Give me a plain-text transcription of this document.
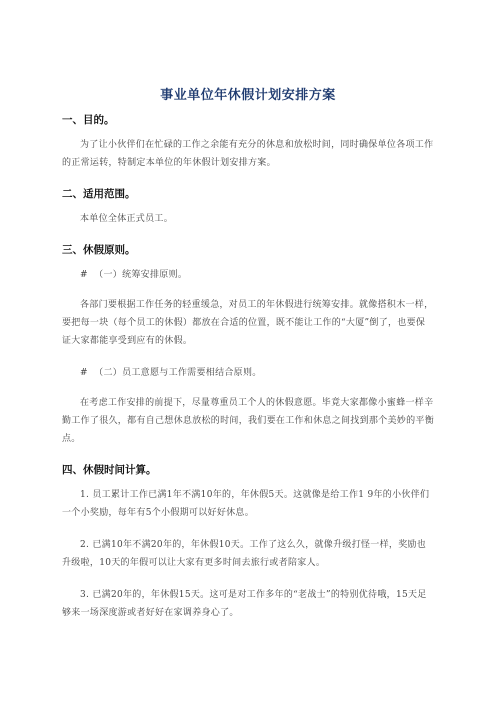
事业单位年休假计划安排方案
一、目的。
为了让小伙伴们在忙碌的工作之余能有充分的休息和放松时间，同时确保单位各项工作的正常运转，特制定本单位的年休假计划安排方案。
二、适用范围。
本单位全体正式员工。
三、休假原则。
#  （一）统筹安排原则。
各部门要根据工作任务的轻重缓急，对员工的年休假进行统筹安排。就像搭积木一样，要把每一块（每个员工的休假）都放在合适的位置，既不能让工作的“大厦”倒了，也要保证大家都能享受到应有的休假。
#  （二）员工意愿与工作需要相结合原则。
在考虑工作安排的前提下，尽量尊重员工个人的休假意愿。毕竟大家都像小蜜蜂一样辛勤工作了很久，都有自己想休息放松的时间，我们要在工作和休息之间找到那个美妙的平衡点。
四、休假时间计算。
1. 员工累计工作已满1年不满10年的，年休假5天。这就像是给工作1 9年的小伙伴们一个小奖励，每年有5个小假期可以好好休息。
2. 已满10年不满20年的，年休假10天。工作了这么久，就像升级打怪一样，奖励也升级啦，10天的年假可以让大家有更多时间去旅行或者陪家人。
3. 已满20年的，年休假15天。这可是对工作多年的“老战士”的特别优待哦，15天足够来一场深度游或者好好在家调养身心了。
